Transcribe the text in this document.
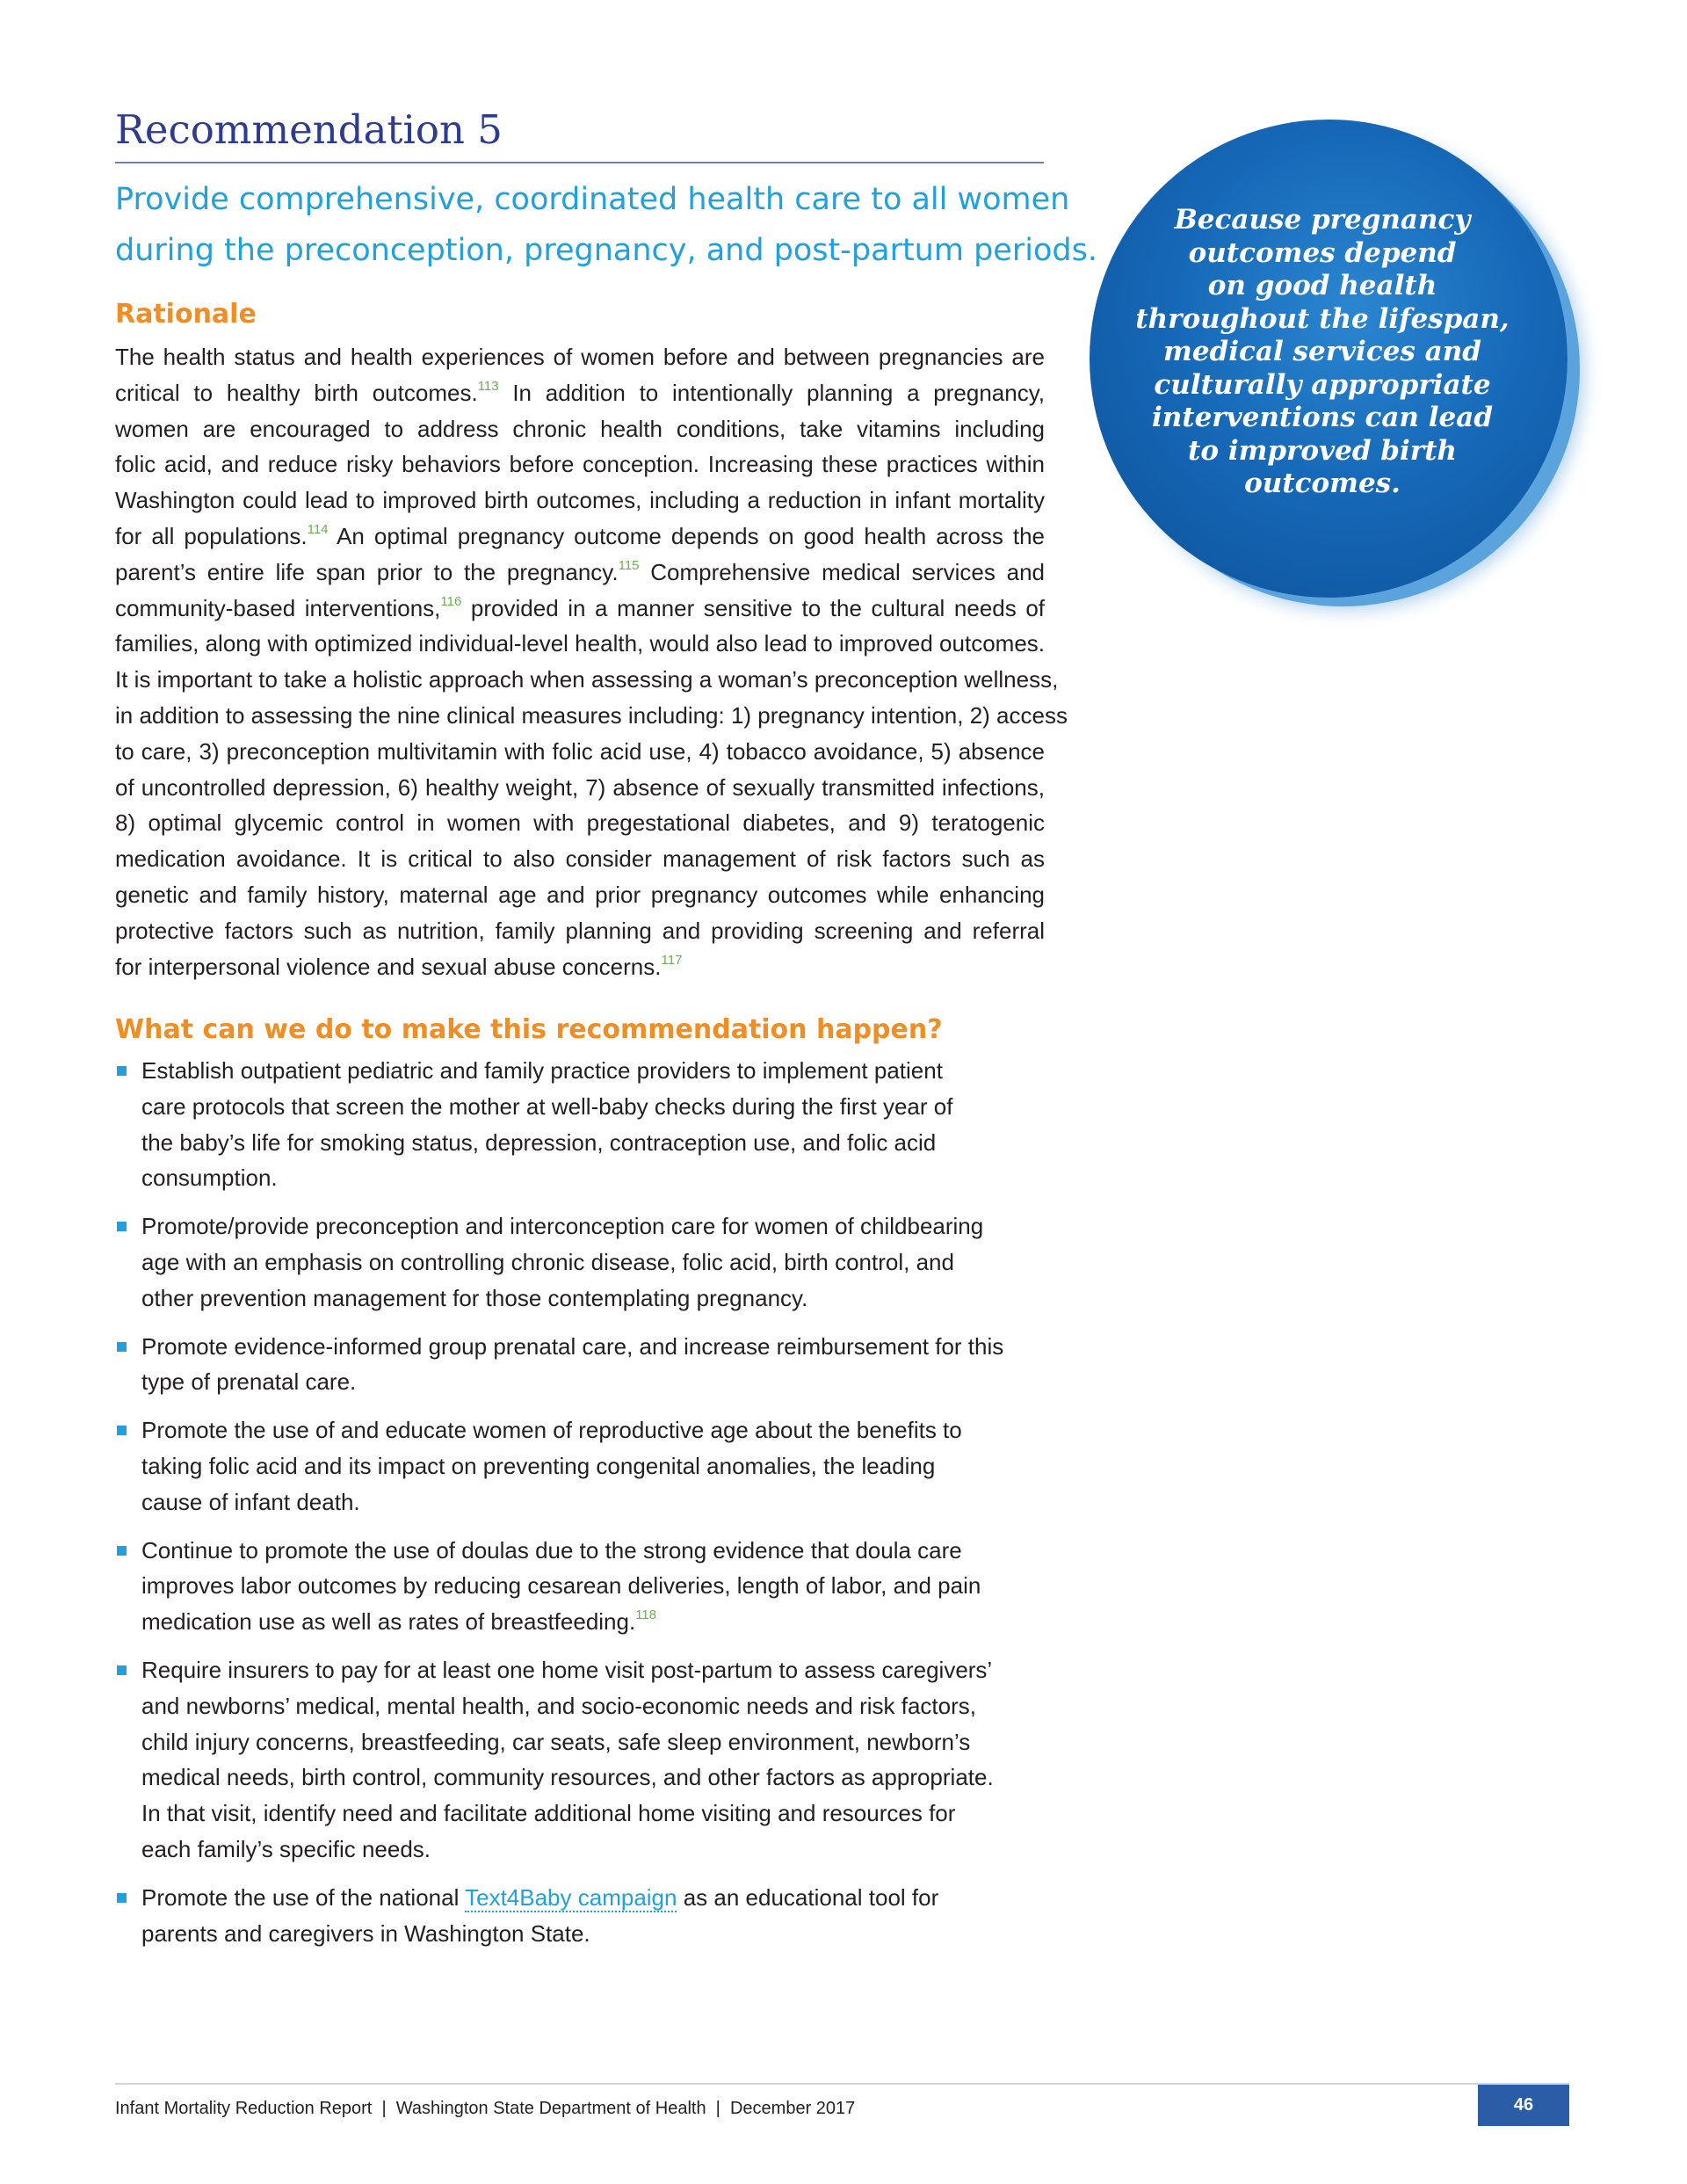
Recommendation 5
Provide comprehensive, coordinated health care to all women
during the preconception, pregnancy, and post-partum periods.
Rationale
The health status and health experiences of women before and between pregnancies are
critical to healthy birth outcomes.$^{113}$ In addition to intentionally planning a pregnancy,
women are encouraged to address chronic health conditions, take vitamins including
folic acid, and reduce risky behaviors before conception. Increasing these practices within
Washington could lead to improved birth outcomes, including a reduction in infant mortality
for all populations.$^{114}$ An optimal pregnancy outcome depends on good health across the
parent’s entire life span prior to the pregnancy.$^{115}$ Comprehensive medical services and
community-based interventions,$^{116}$ provided in a manner sensitive to the cultural needs of
families, along with optimized individual-level health, would also lead to improved outcomes.
It is important to take a holistic approach when assessing a woman’s preconception wellness,
in addition to assessing the nine clinical measures including: 1) pregnancy intention, 2) access
to care, 3) preconception multivitamin with folic acid use, 4) tobacco avoidance, 5) absence
of uncontrolled depression, 6) healthy weight, 7) absence of sexually transmitted infections,
8) optimal glycemic control in women with pregestational diabetes, and 9) teratogenic
medication avoidance. It is critical to also consider management of risk factors such as
genetic and family history, maternal age and prior pregnancy outcomes while enhancing
protective factors such as nutrition, family planning and providing screening and referral
for interpersonal violence and sexual abuse concerns.$^{117}$
What can we do to make this recommendation happen?
Establish outpatient pediatric and family practice providers to implement patient
care protocols that screen the mother at well-baby checks during the first year of
the baby’s life for smoking status, depression, contraception use, and folic acid
consumption.
Promote/provide preconception and interconception care for women of childbearing
age with an emphasis on controlling chronic disease, folic acid, birth control, and
other prevention management for those contemplating pregnancy.
Promote evidence-informed group prenatal care, and increase reimbursement for this
type of prenatal care.
Promote the use of and educate women of reproductive age about the benefits to
taking folic acid and its impact on preventing congenital anomalies, the leading
cause of infant death.
Continue to promote the use of doulas due to the strong evidence that doula care
improves labor outcomes by reducing cesarean deliveries, length of labor, and pain
medication use as well as rates of breastfeeding.$^{118}$
Require insurers to pay for at least one home visit post-partum to assess caregivers’
and newborns’ medical, mental health, and socio-economic needs and risk factors,
child injury concerns, breastfeeding, car seats, safe sleep environment, newborn’s
medical needs, birth control, community resources, and other factors as appropriate.
In that visit, identify need and facilitate additional home visiting and resources for
each family’s specific needs.
Promote the use of the national Text4Baby campaign as an educational tool for
parents and caregivers in Washington State.
Because pregnancy
outcomes depend
on good health
throughout the lifespan,
medical services and
culturally appropriate
interventions can lead
to improved birth
outcomes.
Infant Mortality Reduction Report  |  Washington State Department of Health  |  December 2017	46
